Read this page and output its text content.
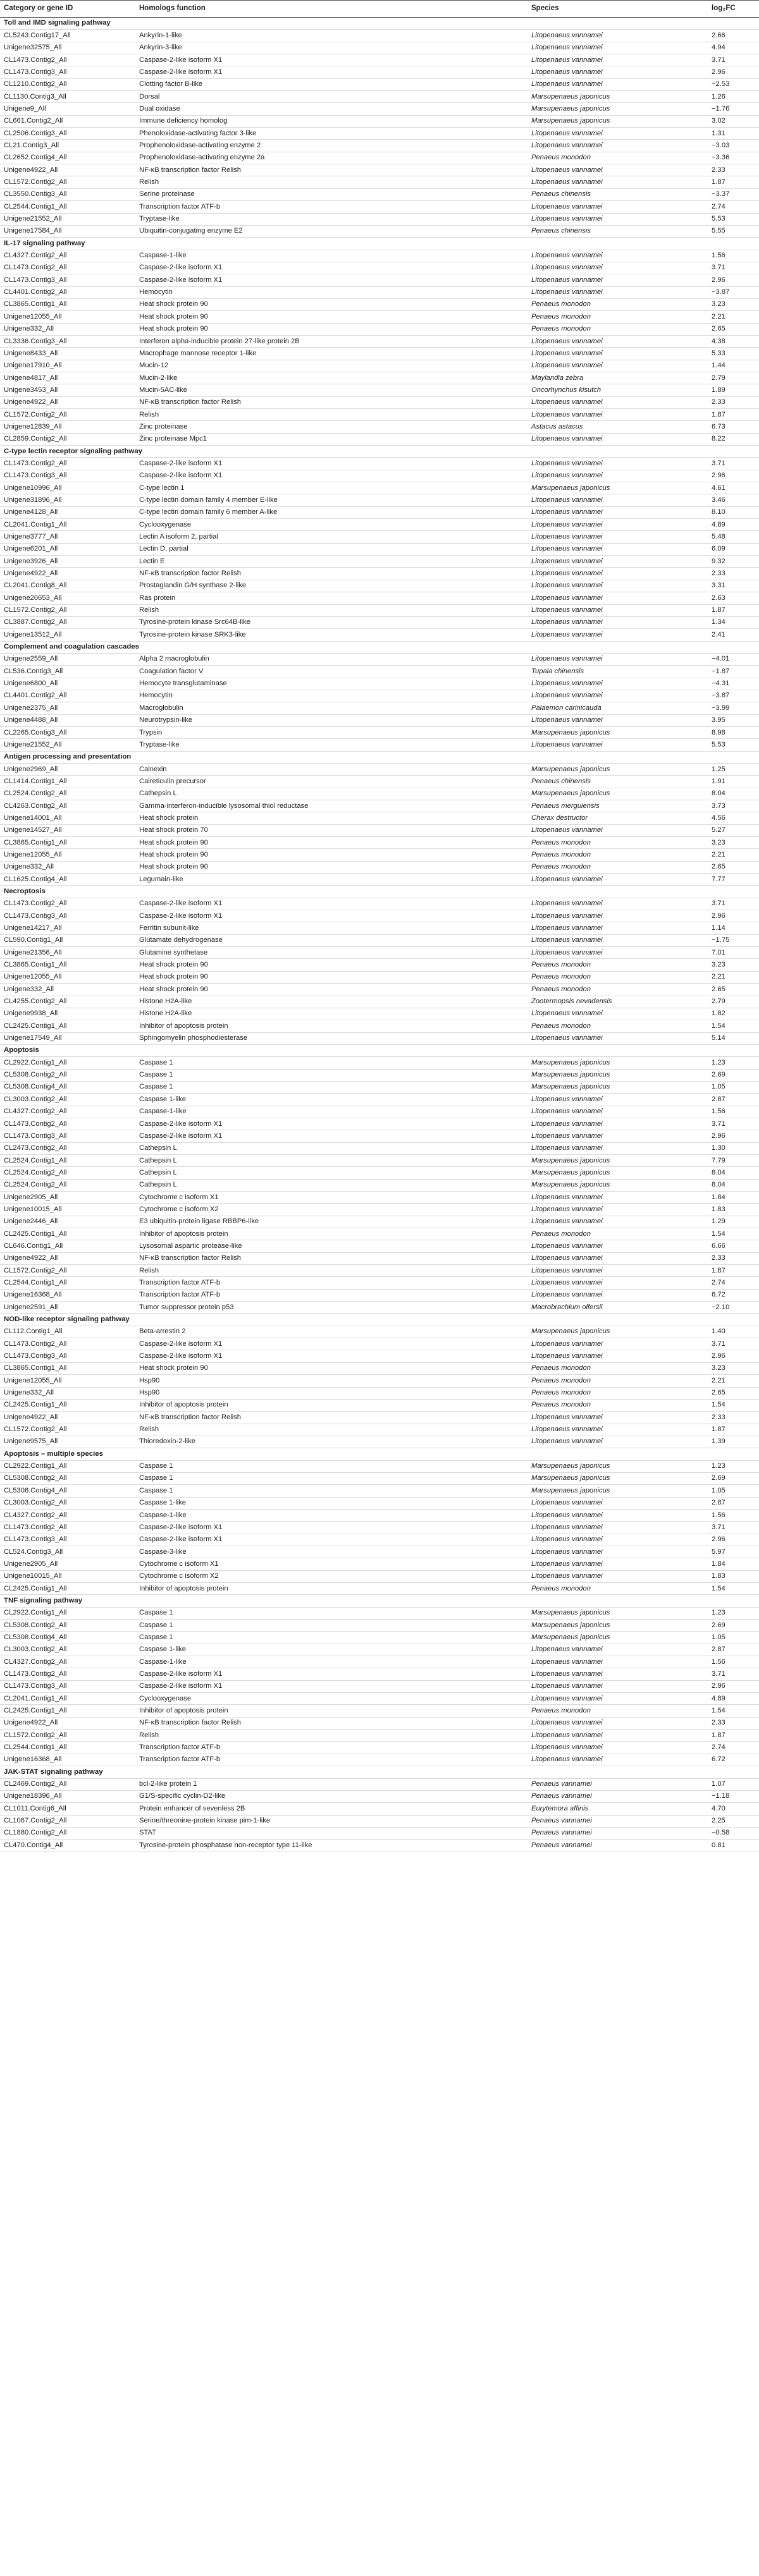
Category or gene ID	Homologs function	Species	log₂FC
Toll and IMD signaling pathway
CL5243.Contig17_All	Ankyrin-1-like	Litopenaeus vannamei	2.66
Unigene32575_All	Ankyrin-3-like	Litopenaeus vannamei	4.94
CL1473.Contig2_All	Caspase-2-like isoform X1	Litopenaeus vannamei	3.71
CL1473.Contig3_All	Caspase-2-like isoform X1	Litopenaeus vannamei	2.96
CL1210.Contig2_All	Clotting factor B-like	Litopenaeus vannamei	−2.53
CL1130.Contig3_All	Dorsal	Marsupenaeus japonicus	1.26
Unigene9_All	Dual oxidase	Marsupenaeus japonicus	−1.76
CL661.Contig2_All	Immune deficiency homolog	Marsupenaeus japonicus	3.02
CL2506.Contig3_All	Phenoloxidase-activating factor 3-like	Litopenaeus vannamei	1.31
CL21.Contig3_All	Prophenoloxidase-activating enzyme 2	Litopenaeus vannamei	−3.03
CL2652.Contig4_All	Prophenoloxidase-activating enzyme 2a	Penaeus monodon	−3.36
Unigene4922_All	NF-κB transcription factor Relish	Litopenaeus vannamei	2.33
CL1572.Contig2_All	Relish	Litopenaeus vannamei	1.87
CL3550.Contig3_All	Serine proteinase	Penaeus chinensis	−3.37
CL2544.Contig1_All	Transcription factor ATF-b	Litopenaeus vannamei	2.74
Unigene21552_All	Tryptase-like	Litopenaeus vannamei	5.53
Unigene17584_All	Ubiquitin-conjugating enzyme E2	Penaeus chinensis	5.55
IL-17 signaling pathway
CL4327.Contig2_All	Caspase-1-like	Litopenaeus vannamei	1.56
CL1473.Contig2_All	Caspase-2-like isoform X1	Litopenaeus vannamei	3.71
CL1473.Contig3_All	Caspase-2-like isoform X1	Litopenaeus vannamei	2.96
CL4401.Contig2_All	Hemocytin	Litopenaeus vannamei	−3.87
CL3865.Contig1_All	Heat shock protein 90	Penaeus monodon	3.23
Unigene12055_All	Heat shock protein 90	Penaeus monodon	2.21
Unigene332_All	Heat shock protein 90	Penaeus monodon	2.65
CL3336.Contig3_All	Interferon alpha-inducible protein 27-like protein 2B	Litopenaeus vannamei	4.38
Unigene8433_All	Macrophage mannose receptor 1-like	Litopenaeus vannamei	5.33
Unigene17910_All	Mucin-12	Litopenaeus vannamei	1.44
Unigene4817_All	Mucin-2-like	Maylandia zebra	2.79
Unigene3453_All	Mucin-5AC-like	Oncorhynchus kisutch	1.89
Unigene4922_All	NF-κB transcription factor Relish	Litopenaeus vannamei	2.33
CL1572.Contig2_All	Relish	Litopenaeus vannamei	1.87
Unigene12839_All	Zinc proteinase	Astacus astacus	6.73
CL2859.Contig2_All	Zinc proteinase Mpc1	Litopenaeus vannamei	8.22
C-type lectin receptor signaling pathway
CL1473.Contig2_All	Caspase-2-like isoform X1	Litopenaeus vannamei	3.71
CL1473.Contig3_All	Caspase-2-like isoform X1	Litopenaeus vannamei	2.96
Unigene10996_All	C-type lectin 1	Marsupenaeus japonicus	4.61
Unigene31896_All	C-type lectin domain family 4 member E-like	Litopenaeus vannamei	3.46
Unigene4128_All	C-type lectin domain family 6 member A-like	Litopenaeus vannamei	8.10
CL2041.Contig1_All	Cyclooxygenase	Litopenaeus vannamei	4.89
Unigene3777_All	Lectin A isoform 2, partial	Litopenaeus vannamei	5.48
Unigene6201_All	Lectin D, partial	Litopenaeus vannamei	6.09
Unigene3926_All	Lectin E	Litopenaeus vannamei	9.32
Unigene4922_All	NF-κB transcription factor Relish	Litopenaeus vannamei	2.33
CL2041.Contig8_All	Prostaglandin G/H synthase 2-like	Litopenaeus vannamei	3.31
Unigene20653_All	Ras protein	Litopenaeus vannamei	2.63
CL1572.Contig2_All	Relish	Litopenaeus vannamei	1.87
CL3887.Contig2_All	Tyrosine-protein kinase Src64B-like	Litopenaeus vannamei	1.34
Unigene13512_All	Tyrosine-protein kinase SRK3-like	Litopenaeus vannamei	2.41
Complement and coagulation cascades
Unigene2559_All	Alpha 2 macroglobulin	Litopenaeus vannamei	−4.01
CL536.Contig3_All	Coagulation factor V	Tupaia chinensis	−1.87
Unigene6800_All	Hemocyte transglutaminase	Litopenaeus vannamei	−4.31
CL4401.Contig2_All	Hemocytin	Litopenaeus vannamei	−3.87
Unigene2375_All	Macroglobulin	Palaemon carinicauda	−3.99
Unigene4488_All	Neurotrypsin-like	Litopenaeus vannamei	3.95
CL2265.Contig3_All	Trypsin	Marsupenaeus japonicus	8.98
Unigene21552_All	Tryptase-like	Litopenaeus vannamei	5.53
Antigen processing and presentation
Unigene2969_All	Calnexin	Marsupenaeus japonicus	1.25
CL1414.Contig1_All	Calreticulin precursor	Penaeus chinensis	1.91
CL2524.Contig2_All	Cathepsin L	Marsupenaeus japonicus	8.04
CL4263.Contig2_All	Gamma-interferon-inducible lysosomal thiol reductase	Penaeus merguiensis	3.73
Unigene14001_All	Heat shock protein	Cherax destructor	4.56
Unigene14527_All	Heat shock protein 70	Litopenaeus vannamei	5.27
CL3865.Contig1_All	Heat shock protein 90	Penaeus monodon	3.23
Unigene12055_All	Heat shock protein 90	Penaeus monodon	2.21
Unigene332_All	Heat shock protein 90	Penaeus monodon	2.65
CL1625.Contig4_All	Legumain-like	Litopenaeus vannamei	7.77
Necroptosis
CL1473.Contig2_All	Caspase-2-like isoform X1	Litopenaeus vannamei	3.71
CL1473.Contig3_All	Caspase-2-like isoform X1	Litopenaeus vannamei	2.96
Unigene14217_All	Ferritin subunit-like	Litopenaeus vannamei	1.14
CL590.Contig1_All	Glutamate dehydrogenase	Litopenaeus vannamei	−1.75
Unigene21356_All	Glutamine synthetase	Litopenaeus vannamei	7.01
CL3865.Contig1_All	Heat shock protein 90	Penaeus monodon	3.23
Unigene12055_All	Heat shock protein 90	Penaeus monodon	2.21
Unigene332_All	Heat shock protein 90	Penaeus monodon	2.65
CL4255.Contig2_All	Histone H2A-like	Zootermopsis nevadensis	2.79
Unigene9938_All	Histone H2A-like	Litopenaeus vannamei	1.82
CL2425.Contig1_All	Inhibitor of apoptosis protein	Penaeus monodon	1.54
Unigene17549_All	Sphingomyelin phosphodiesterase	Litopenaeus vannamei	5.14
Apoptosis
CL2922.Contig1_All	Caspase 1	Marsupenaeus japonicus	1.23
CL5308.Contig2_All	Caspase 1	Marsupenaeus japonicus	2.69
CL5308.Contig4_All	Caspase 1	Marsupenaeus japonicus	1.05
CL3003.Contig2_All	Caspase 1-like	Litopenaeus vannamei	2.87
CL4327.Contig2_All	Caspase-1-like	Litopenaeus vannamei	1.56
CL1473.Contig2_All	Caspase-2-like isoform X1	Litopenaeus vannamei	3.71
CL1473.Contig3_All	Caspase-2-like isoform X1	Litopenaeus vannamei	2.96
CL2473.Contig2_All	Cathepsin L	Litopenaeus vannamei	1.30
CL2524.Contig1_All	Cathepsin L	Marsupenaeus japonicus	7.79
CL2524.Contig2_All	Cathepsin L	Marsupenaeus japonicus	8.04
CL2524.Contig2_All	Cathepsin L	Marsupenaeus japonicus	8.04
Unigene2905_All	Cytochrome c isoform X1	Litopenaeus vannamei	1.84
Unigene10015_All	Cytochrome c isoform X2	Litopenaeus vannamei	1.83
Unigene2446_All	E3 ubiquitin-protein ligase RBBP6-like	Litopenaeus vannamei	1.29
CL2425.Contig1_All	Inhibitor of apoptosis protein	Penaeus monodon	1.54
CL646.Contig1_All	Lysosomal aspartic protease-like	Litopenaeus vannamei	6.66
Unigene4922_All	NF-κB transcription factor Relish	Litopenaeus vannamei	2.33
CL1572.Contig2_All	Relish	Litopenaeus vannamei	1.87
CL2544.Contig1_All	Transcription factor ATF-b	Litopenaeus vannamei	2.74
Unigene16368_All	Transcription factor ATF-b	Litopenaeus vannamei	6.72
Unigene2591_All	Tumor suppressor protein p53	Macrobrachium olfersii	−2.10
NOD-like receptor signaling pathway
CL112.Contig1_All	Beta-arrestin 2	Marsupenaeus japonicus	1.40
CL1473.Contig2_All	Caspase-2-like isoform X1	Litopenaeus vannamei	3.71
CL1473.Contig3_All	Caspase-2-like isoform X1	Litopenaeus vannamei	2.96
CL3865.Contig1_All	Heat shock protein 90	Penaeus monodon	3.23
Unigene12055_All	Hsp90	Penaeus monodon	2.21
Unigene332_All	Hsp90	Penaeus monodon	2.65
CL2425.Contig1_All	Inhibitor of apoptosis protein	Penaeus monodon	1.54
Unigene4922_All	NF-κB transcription factor Relish	Litopenaeus vannamei	2.33
CL1572.Contig2_All	Relish	Litopenaeus vannamei	1.87
Unigene9575_All	Thioredoxin-2-like	Litopenaeus vannamei	1.39
Apoptosis – multiple species
CL2922.Contig1_All	Caspase 1	Marsupenaeus japonicus	1.23
CL5308.Contig2_All	Caspase 1	Marsupenaeus japonicus	2.69
CL5308.Contig4_All	Caspase 1	Marsupenaeus japonicus	1.05
CL3003.Contig2_All	Caspase 1-like	Litopenaeus vannamei	2.87
CL4327.Contig2_All	Caspase-1-like	Litopenaeus vannamei	1.56
CL1473.Contig2_All	Caspase-2-like isoform X1	Litopenaeus vannamei	3.71
CL1473.Contig3_All	Caspase-2-like isoform X1	Litopenaeus vannamei	2.96
CL524.Contig3_All	Caspase-3-like	Litopenaeus vannamei	5.97
Unigene2905_All	Cytochrome c isoform X1	Litopenaeus vannamei	1.84
Unigene10015_All	Cytochrome c isoform X2	Litopenaeus vannamei	1.83
CL2425.Contig1_All	Inhibitor of apoptosis protein	Penaeus monodon	1.54
TNF signaling pathway
CL2922.Contig1_All	Caspase 1	Marsupenaeus japonicus	1.23
CL5308.Contig2_All	Caspase 1	Marsupenaeus japonicus	2.69
CL5308.Contig4_All	Caspase 1	Marsupenaeus japonicus	1.05
CL3003.Contig2_All	Caspase 1-like	Litopenaeus vannamei	2.87
CL4327.Contig2_All	Caspase-1-like	Litopenaeus vannamei	1.56
CL1473.Contig2_All	Caspase-2-like isoform X1	Litopenaeus vannamei	3.71
CL1473.Contig3_All	Caspase-2-like isoform X1	Litopenaeus vannamei	2.96
CL2041.Contig1_All	Cyclooxygenase	Litopenaeus vannamei	4.89
CL2425.Contig1_All	Inhibitor of apoptosis protein	Penaeus monodon	1.54
Unigene4922_All	NF-κB transcription factor Relish	Litopenaeus vannamei	2.33
CL1572.Contig2_All	Relish	Litopenaeus vannamei	1.87
CL2544.Contig1_All	Transcription factor ATF-b	Litopenaeus vannamei	2.74
Unigene16368_All	Transcription factor ATF-b	Litopenaeus vannamei	6.72
JAK-STAT signaling pathway
CL2469.Contig2_All	bcl-2-like protein 1	Penaeus vannamei	1.07
Unigene18396_All	G1/S-specific cyclin-D2-like	Penaeus vannamei	−1.18
CL1011.Contig6_All	Protein enhancer of sevenless 2B	Eurytemora affinis	4.70
CL1067.Contig2_All	Serine/threonine-protein kinase pim-1-like	Penaeus vannamei	2.25
CL1880.Contig2_All	STAT	Penaeus vannamei	−0.58
CL470.Contig4_All	Tyrosine-protein phosphatase non-receptor type 11-like	Penaeus vannamei	0.81
